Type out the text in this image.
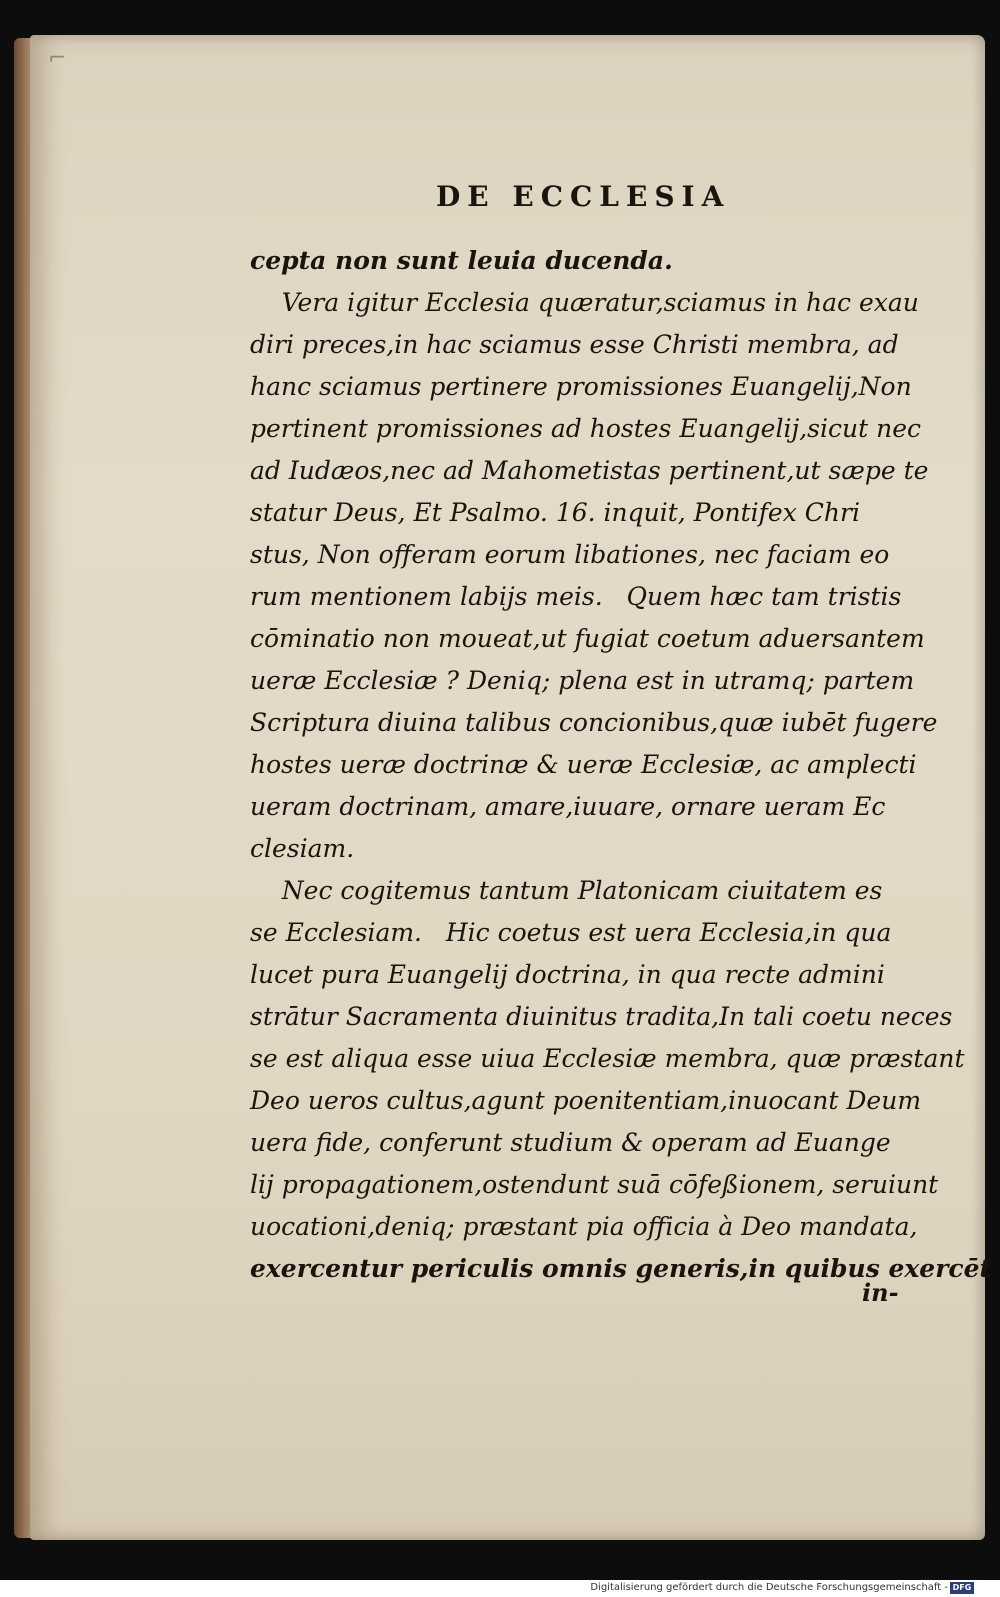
⌐
DE ECCLESIA
cepta non sunt leuia ducenda.
Vera igitur Ecclesia quæratur,sciamus in hac exau
diri preces,in hac sciamus esse Christi membra, ad
hanc sciamus pertinere promissiones Euangelij,Non
pertinent promissiones ad hostes Euangelij,sicut nec
ad Iudæos,nec ad Mahometistas pertinent,ut sæpe te
statur Deus, Et Psalmo. 16. inquit, Pontifex Chri
stus, Non offeram eorum libationes, nec faciam eo
rum mentionem labijs meis.   Quem hæc tam tristis
cōminatio non moueat,ut fugiat coetum aduersantem
ueræ Ecclesiæ ? Deniq; plena est in utramq; partem
Scriptura diuina talibus concionibus,quæ iubēt fugere
hostes ueræ doctrinæ & ueræ Ecclesiæ, ac amplecti
ueram doctrinam, amare,iuuare, ornare ueram Ec
clesiam.
Nec cogitemus tantum Platonicam ciuitatem es
se Ecclesiam.   Hic coetus est uera Ecclesia,in qua
lucet pura Euangelij doctrina, in qua recte admini
strātur Sacramenta diuinitus tradita,In tali coetu neces
se est aliqua esse uiua Ecclesiæ membra, quæ præstant
Deo ueros cultus,agunt poenitentiam,inuocant Deum
uera fide, conferunt studium & operam ad Euange
lij propagationem,ostendunt suā cōfeßionem, seruiunt
uocationi,deniq; præstant pia officia à Deo mandata,
exercentur periculis omnis generis,in quibus exercēt
in-
Digitalisierung gefördert durch die Deutsche Forschungsgemeinschaft - DFG
